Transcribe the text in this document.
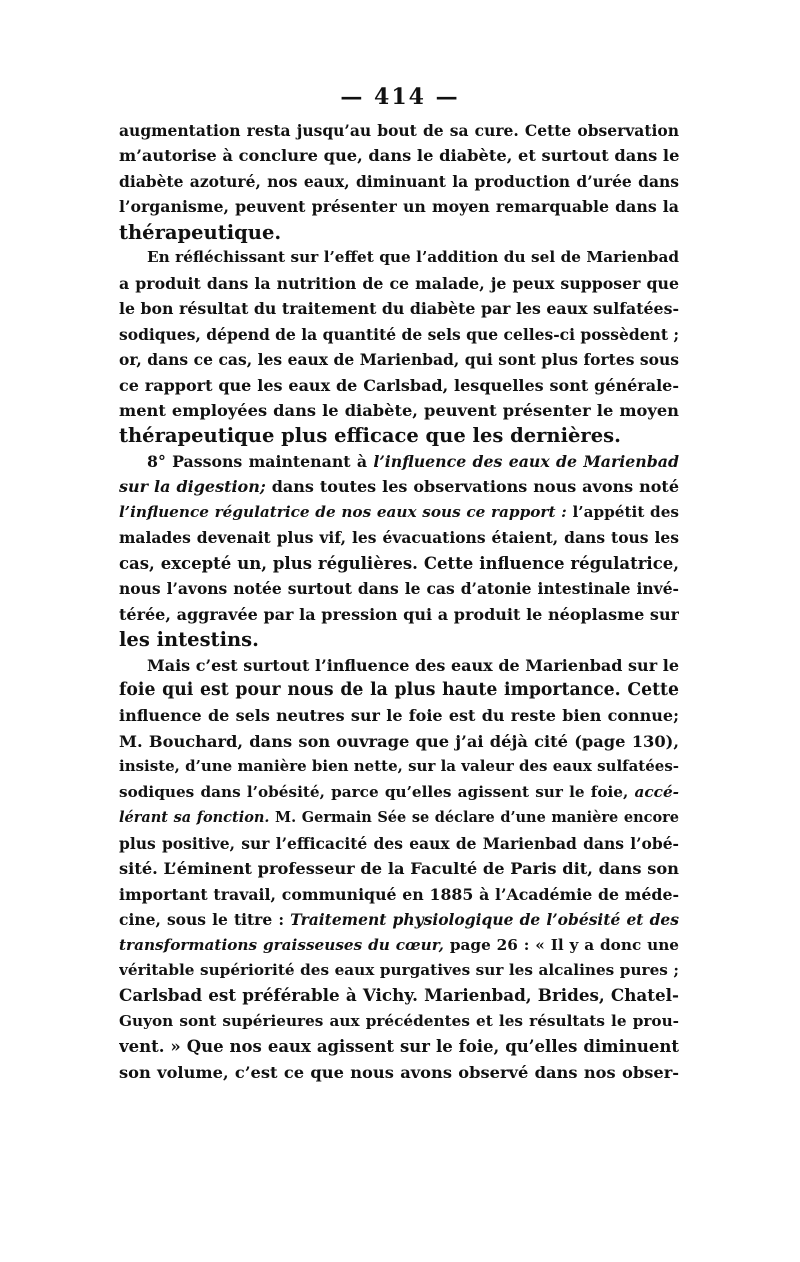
— 414 —
augmentation resta jusqu’au bout de sa cure. Cette observation
m’autorise à conclure que, dans le diabète, et surtout dans le
diabète azoturé, nos eaux, diminuant la production d’urée dans
l’organisme, peuvent présenter un moyen remarquable dans la
thérapeutique.
En réfléchissant sur l’effet que l’addition du sel de Marienbad
a produit dans la nutrition de ce malade, je peux supposer que
le bon résultat du traitement du diabète par les eaux sulfatées-
sodiques, dépend de la quantité de sels que celles-ci possèdent ;
or, dans ce cas, les eaux de Marienbad, qui sont plus fortes sous
ce rapport que les eaux de Carlsbad, lesquelles sont générale-
ment employées dans le diabète, peuvent présenter le moyen
thérapeutique plus efficace que les dernières.
8° Passons maintenant à l’influence des eaux de Marienbad
sur la digestion; dans toutes les observations nous avons noté
l’influence régulatrice de nos eaux sous ce rapport : l’appétit des
malades devenait plus vif, les évacuations étaient, dans tous les
cas, excepté un, plus régulières. Cette influence régulatrice,
nous l’avons notée surtout dans le cas d’atonie intestinale invé-
térée, aggravée par la pression qui a produit le néoplasme sur
les intestins.
Mais c’est surtout l’influence des eaux de Marienbad sur le
foie qui est pour nous de la plus haute importance. Cette
influence de sels neutres sur le foie est du reste bien connue;
M. Bouchard, dans son ouvrage que j’ai déjà cité (page 130),
insiste, d’une manière bien nette, sur la valeur des eaux sulfatées-
sodiques dans l’obésité, parce qu’elles agissent sur le foie, accé-
lérant sa fonction. M. Germain Sée se déclare d’une manière encore
plus positive, sur l’efficacité des eaux de Marienbad dans l’obé-
sité. L’éminent professeur de la Faculté de Paris dit, dans son
important travail, communiqué en 1885 à l’Académie de méde-
cine, sous le titre : Traitement physiologique de l’obésité et des
transformations graisseuses du cœur, page 26 : « Il y a donc une
véritable supériorité des eaux purgatives sur les alcalines pures ;
Carlsbad est préférable à Vichy. Marienbad, Brides, Chatel-
Guyon sont supérieures aux précédentes et les résultats le prou-
vent. » Que nos eaux agissent sur le foie, qu’elles diminuent
son volume, c’est ce que nous avons observé dans nos obser-
